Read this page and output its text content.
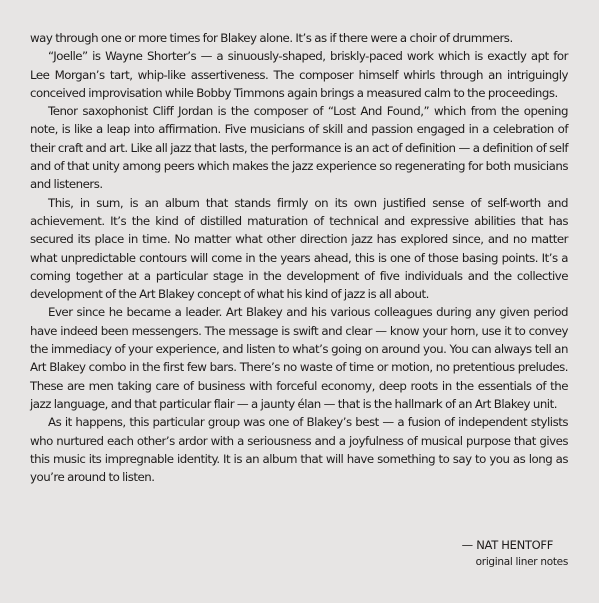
way through one or more times for Blakey alone. It’s as if there were a choir of drummers.

“Joelle” is Wayne Shorter’s — a sinuously-shaped, briskly-paced work which is exactly apt for Lee Morgan’s tart, whip-like assertiveness. The composer himself whirls through an intriguingly conceived improvisation while Bobby Timmons again brings a measured calm to the proceedings.

Tenor saxophonist Cliff Jordan is the composer of “Lost And Found,” which from the opening note, is like a leap into affirmation. Five musicians of skill and passion engaged in a celebration of their craft and art. Like all jazz that lasts, the performance is an act of definition — a definition of self and of that unity among peers which makes the jazz experience so regenerating for both musicians and listeners.

This, in sum, is an album that stands firmly on its own justified sense of self-worth and achievement. It’s the kind of distilled maturation of technical and expressive abilities that has secured its place in time. No matter what other direction jazz has explored since, and no matter what unpredictable contours will come in the years ahead, this is one of those basing points. It’s a coming together at a particular stage in the development of five individuals and the collective development of the Art Blakey concept of what his kind of jazz is all about.

Ever since he became a leader. Art Blakey and his various colleagues during any given period have indeed been messengers. The message is swift and clear — know your horn, use it to convey the immediacy of your experience, and listen to what’s going on around you. You can always tell an Art Blakey combo in the first few bars. There’s no waste of time or motion, no pretentious preludes. These are men taking care of business with forceful economy, deep roots in the essentials of the jazz language, and that particular flair — a jaunty élan — that is the hallmark of an Art Blakey unit.

As it happens, this particular group was one of Blakey’s best — a fusion of independent stylists who nurtured each other’s ardor with a seriousness and a joyfulness of musical purpose that gives this music its impregnable identity. It is an album that will have something to say to you as long as you’re around to listen.

— NAT HENTOFF
original liner notes
